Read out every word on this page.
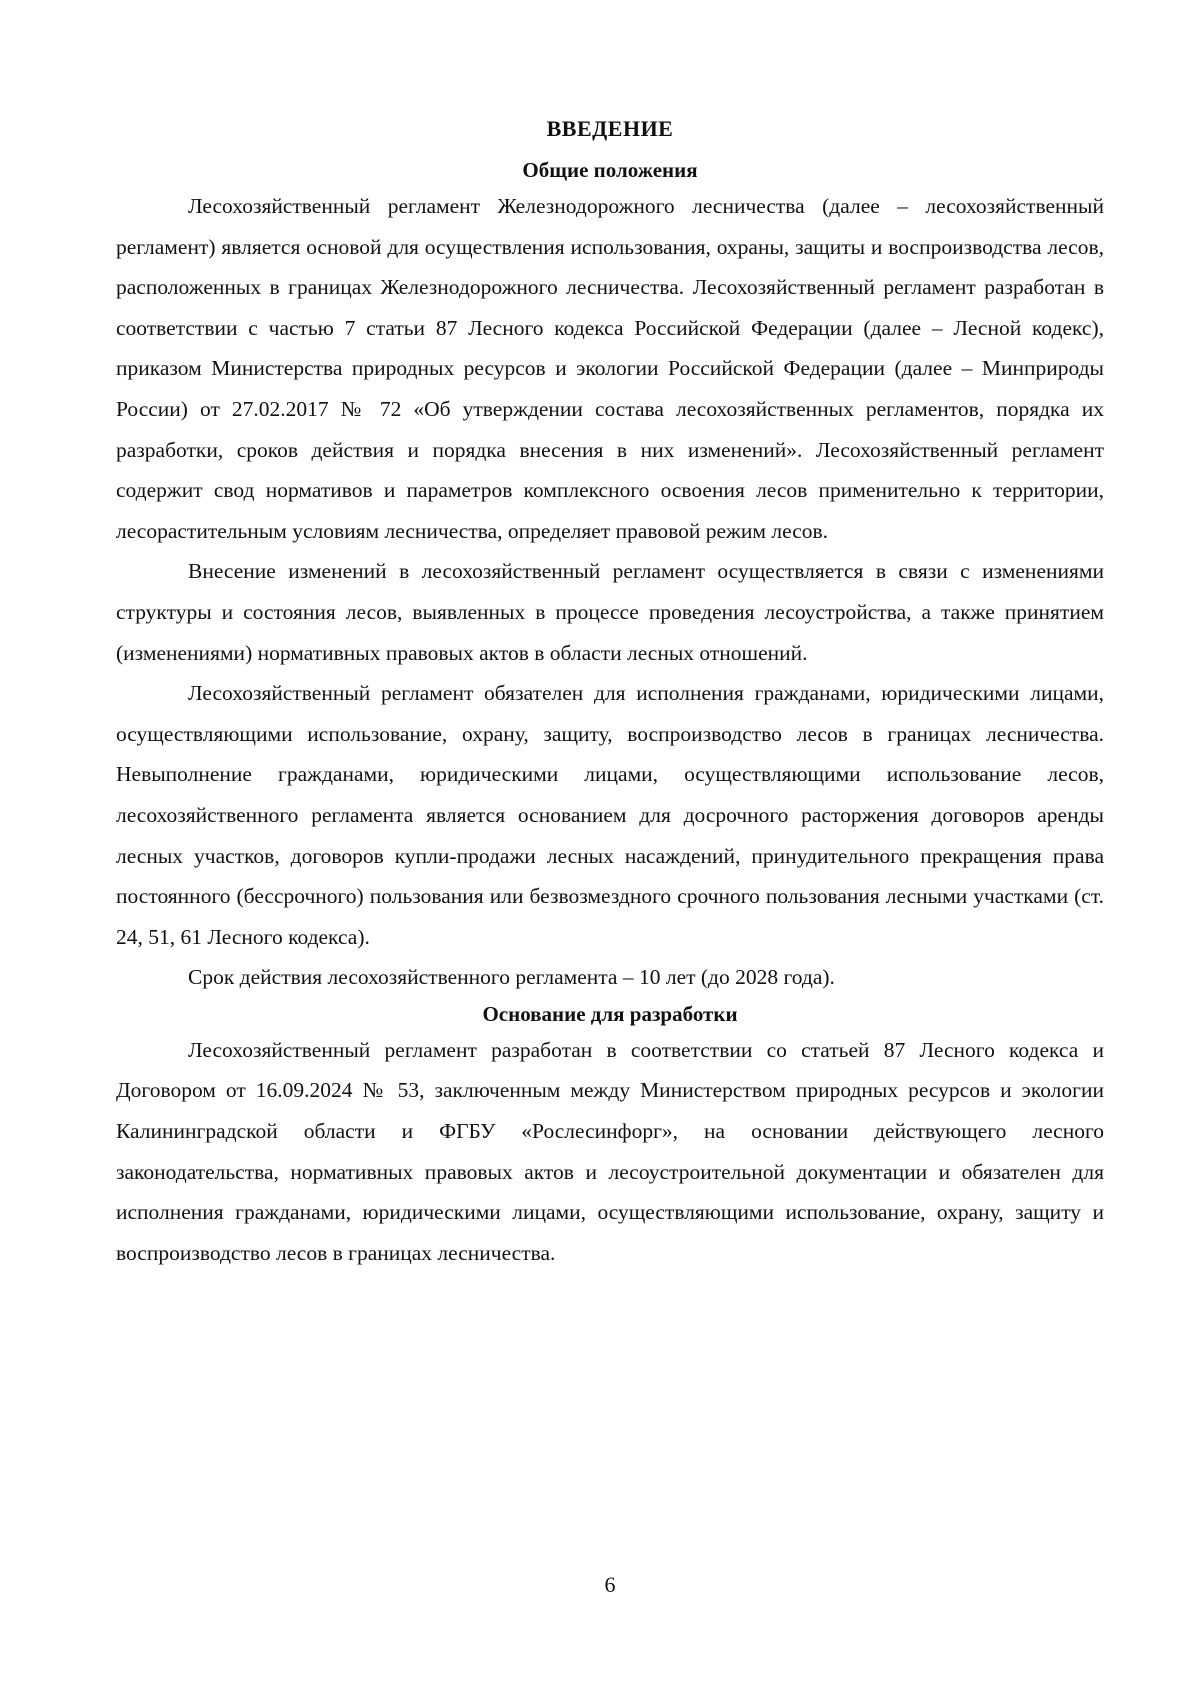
ВВЕДЕНИЕ
Общие положения

Лесохозяйственный регламент Железнодорожного лесничества (далее – лесохозяйственный регламент) является основой для осуществления использования, охраны, защиты и воспроизводства лесов, расположенных в границах Железнодорожного лесничества. Лесохозяйственный регламент разработан в соответствии с частью 7 статьи 87 Лесного кодекса Российской Федерации (далее – Лесной кодекс), приказом Министерства природных ресурсов и экологии Российской Федерации (далее – Минприроды России) от 27.02.2017 № 72 «Об утверждении состава лесохозяйственных регламентов, порядка их разработки, сроков действия и порядка внесения в них изменений». Лесохозяйственный регламент содержит свод нормативов и параметров комплексного освоения лесов применительно к территории, лесорастительным условиям лесничества, определяет правовой режим лесов.

Внесение изменений в лесохозяйственный регламент осуществляется в связи с изменениями структуры и состояния лесов, выявленных в процессе проведения лесоустройства, а также принятием (изменениями) нормативных правовых актов в области лесных отношений.

Лесохозяйственный регламент обязателен для исполнения гражданами, юридическими лицами, осуществляющими использование, охрану, защиту, воспроизводство лесов в границах лесничества. Невыполнение гражданами, юридическими лицами, осуществляющими использование лесов, лесохозяйственного регламента является основанием для досрочного расторжения договоров аренды лесных участков, договоров купли-продажи лесных насаждений, принудительного прекращения права постоянного (бессрочного) пользования или безвозмездного срочного пользования лесными участками (ст. 24, 51, 61 Лесного кодекса).

Срок действия лесохозяйственного регламента – 10 лет (до 2028 года).

Основание для разработки

Лесохозяйственный регламент разработан в соответствии со статьей 87 Лесного кодекса и Договором от 16.09.2024 № 53, заключенным между Министерством природных ресурсов и экологии Калининградской области и ФГБУ «Рослесинфорг», на основании действующего лесного законодательства, нормативных правовых актов и лесоустроительной документации и обязателен для исполнения гражданами, юридическими лицами, осуществляющими использование, охрану, защиту и воспроизводство лесов в границах лесничества.

6
